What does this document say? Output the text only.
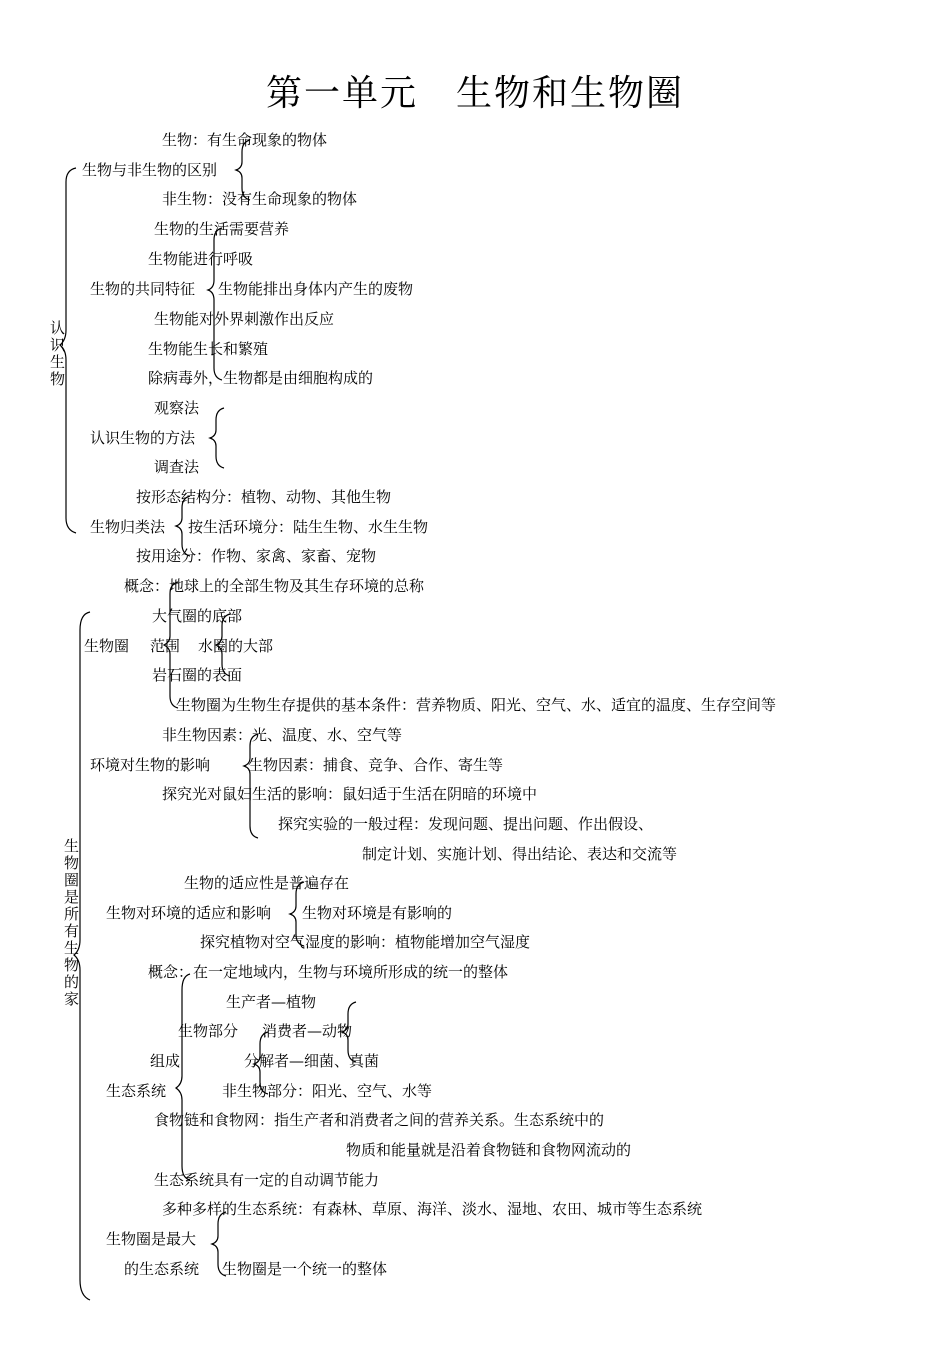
第一单元　生物和生物圈
认识生物
生物：有生命现象的物体
生物与非生物的区别
非生物：没有生命现象的物体
生物的生活需要营养
生物能进行呼吸
生物的共同特征 生物能排出身体内产生的废物
生物能对外界刺激作出反应
生物能生长和繁殖
除病毒外，生物都是由细胞构成的
观察法
认识生物的方法
调查法
按形态结构分：植物、动物、其他生物
生物归类法 按生活环境分：陆生生物、水生生物
按用途分：作物、家禽、家畜、宠物
生物圈是所有生物的家
概念：地球上的全部生物及其生存环境的总称
大气圈的底部
生物圈 范围 水圈的大部
岩石圈的表面
生物圈为生物生存提供的基本条件：营养物质、阳光、空气、水、适宜的温度、生存空间等
非生物因素：光、温度、水、空气等
环境对生物的影响	生物因素：捕食、竞争、合作、寄生等
探究光对鼠妇生活的影响：鼠妇适于生活在阴暗的环境中
探究实验的一般过程：发现问题、提出问题、作出假设、
制定计划、实施计划、得出结论、表达和交流等
生物的适应性是普遍存在
生物对环境的适应和影响 生物对环境是有影响的
探究植物对空气湿度的影响：植物能增加空气湿度
概念：在一定地域内，生物与环境所形成的统一的整体
生产者—植物
生物部分 消费者—动物
组成	分解者—细菌、真菌
生态系统	非生物部分：阳光、空气、水等
食物链和食物网：指生产者和消费者之间的营养关系。生态系统中的
物质和能量就是沿着食物链和食物网流动的
生态系统具有一定的自动调节能力
多种多样的生态系统：有森林、草原、海洋、淡水、湿地、农田、城市等生态系统
生物圈是最大
的生态系统 生物圈是一个统一的整体
